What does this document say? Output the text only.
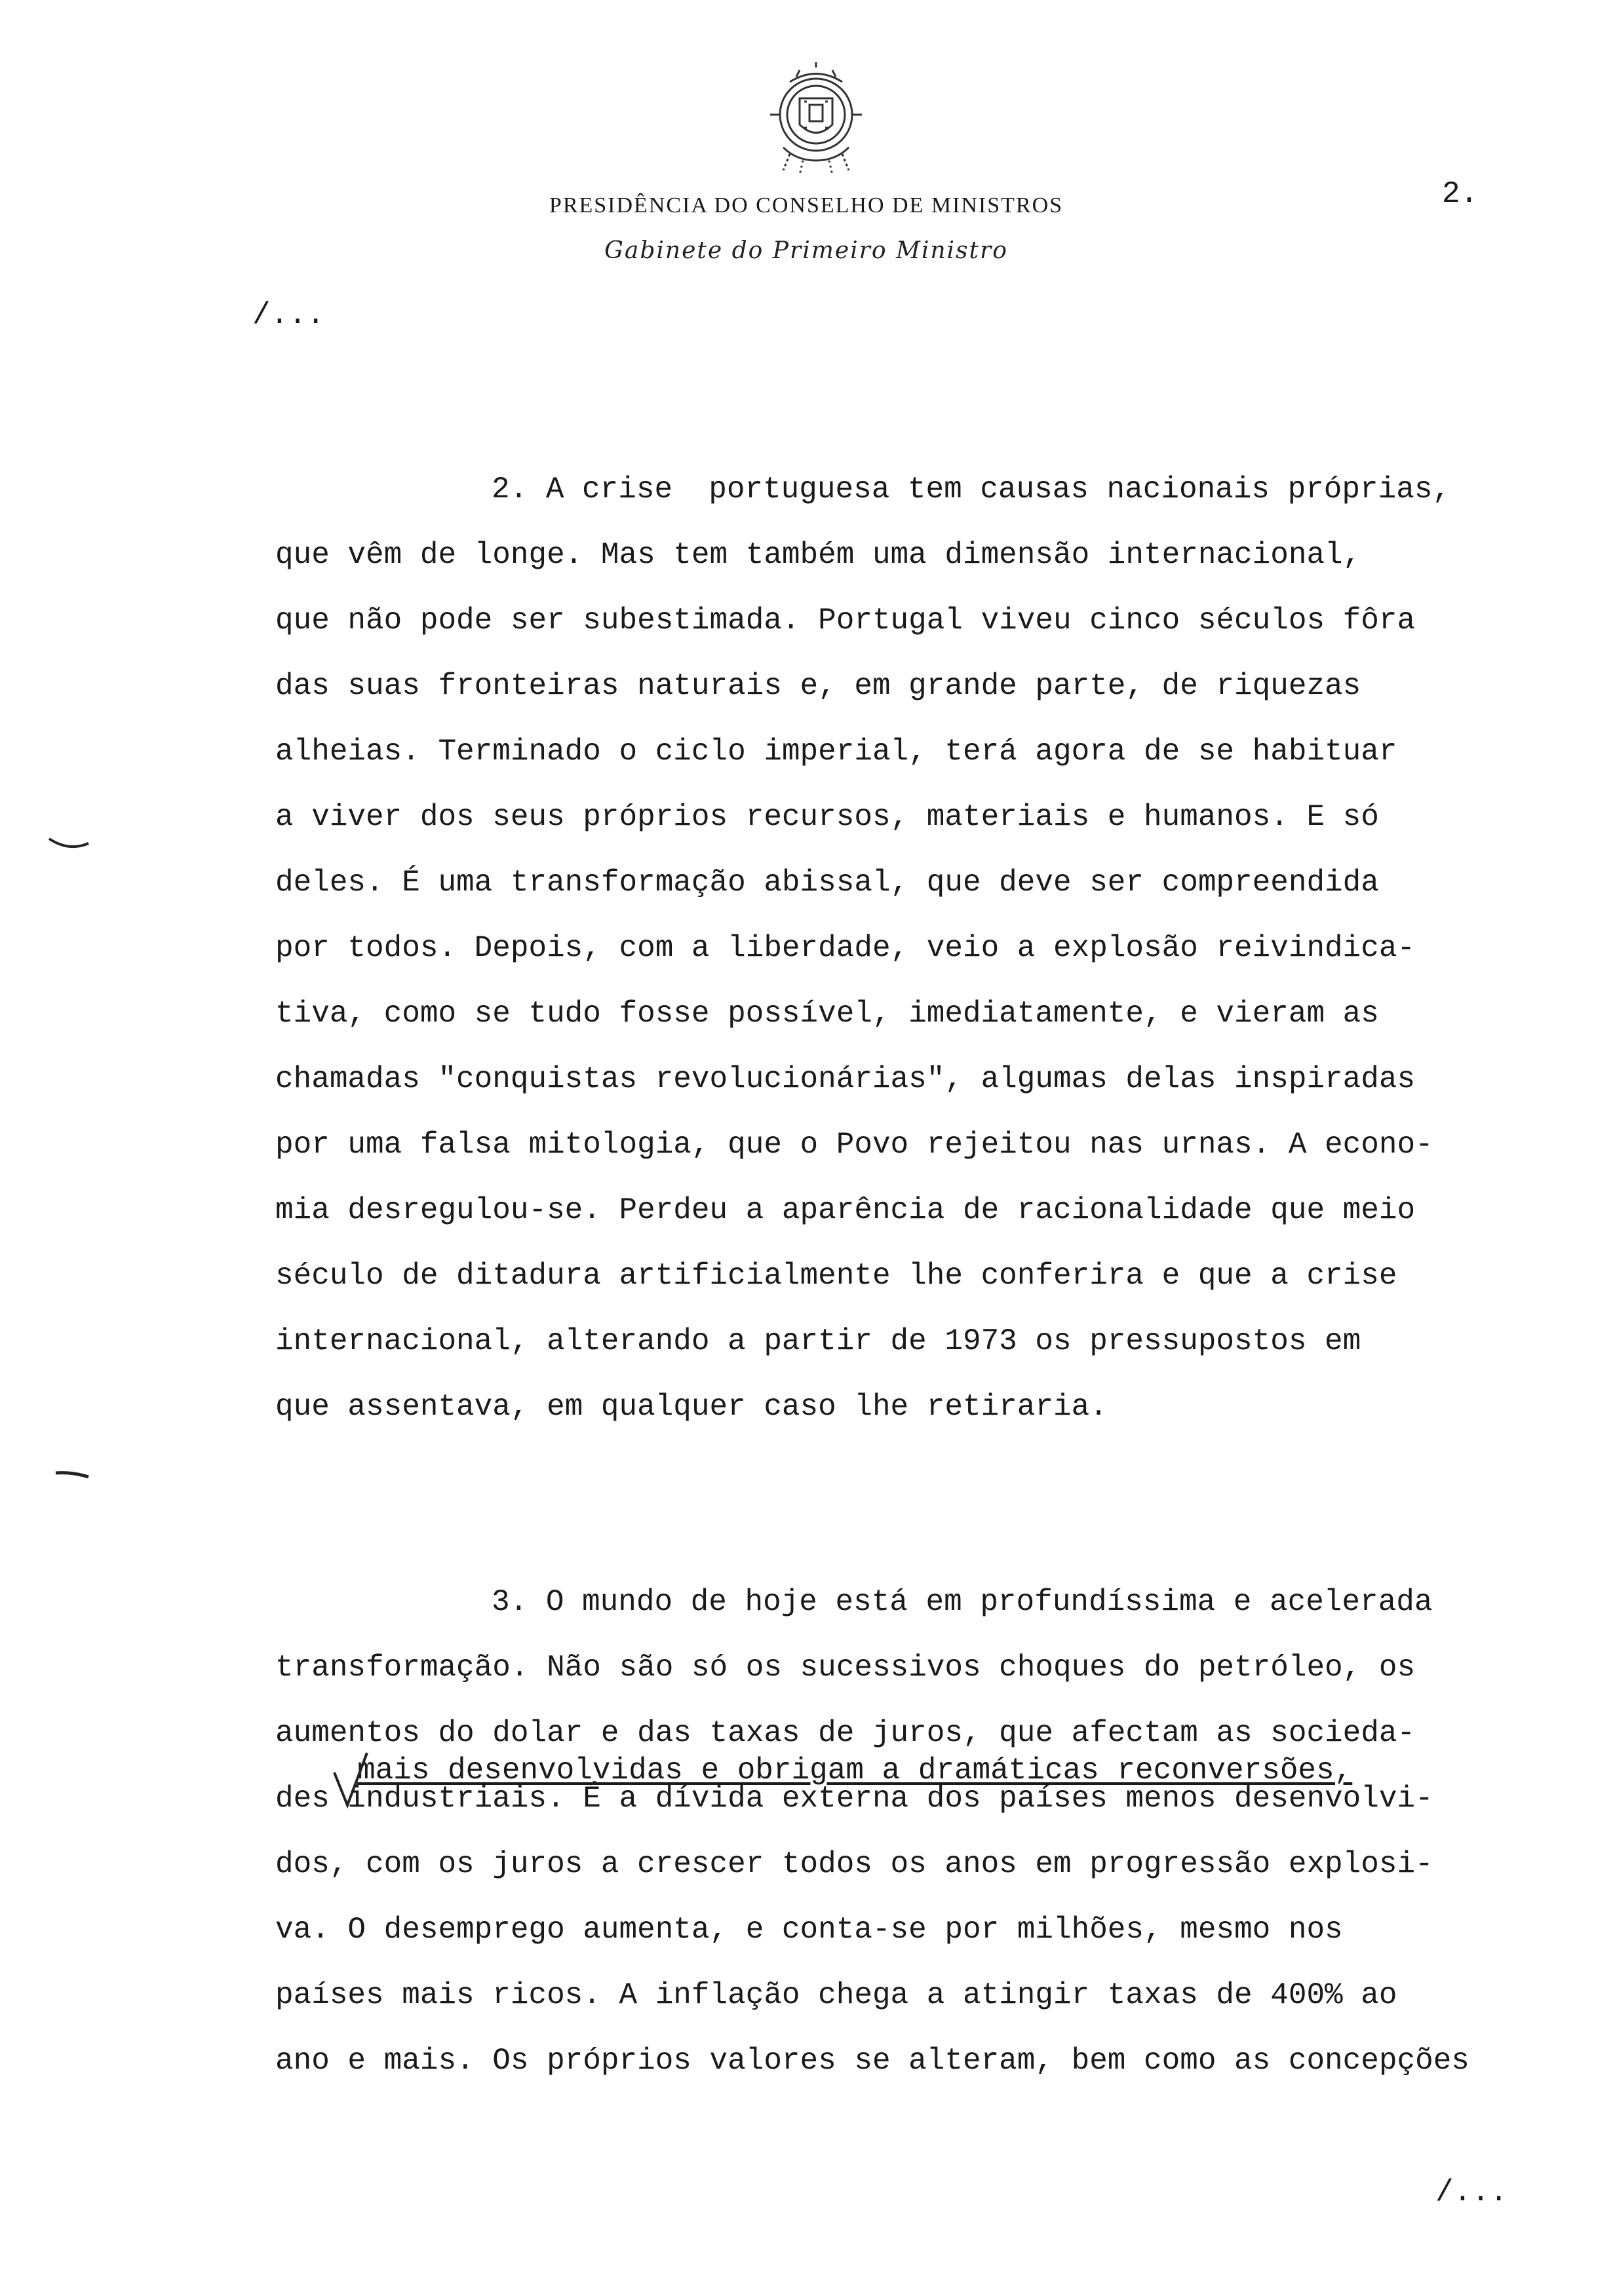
PRESIDÊNCIA DO CONSELHO DE MINISTROS
Gabinete do Primeiro Ministro
2.
/...
2. A crise  portuguesa tem causas nacionais próprias,
que vêm de longe. Mas tem também uma dimensão internacional,
que não pode ser subestimada. Portugal viveu cinco séculos fôra
das suas fronteiras naturais e, em grande parte, de riquezas
alheias. Terminado o ciclo imperial, terá agora de se habituar
a viver dos seus próprios recursos, materiais e humanos. E só
deles. É uma transformação abissal, que deve ser compreendida
por todos. Depois, com a liberdade, veio a explosão reivindica-
tiva, como se tudo fosse possível, imediatamente, e vieram as
chamadas "conquistas revolucionárias", algumas delas inspiradas
por uma falsa mitologia, que o Povo rejeitou nas urnas. A econo-
mia desregulou-se. Perdeu a aparência de racionalidade que meio
século de ditadura artificialmente lhe conferira e que a crise
internacional, alterando a partir de 1973 os pressupostos em
que assentava, em qualquer caso lhe retiraria.
3. O mundo de hoje está em profundíssima e acelerada
transformação. Não são só os sucessivos choques do petróleo, os
aumentos do dolar e das taxas de juros, que afectam as socieda-
mais desenvolvidas e obrigam a dramáticas reconversões,
des industriais. É a dívida externa dos países menos desenvolvi-
dos, com os juros a crescer todos os anos em progressão explosi-
va. O desemprego aumenta, e conta-se por milhões, mesmo nos
países mais ricos. A inflação chega a atingir taxas de 400% ao
ano e mais. Os próprios valores se alteram, bem como as concepções
/...
